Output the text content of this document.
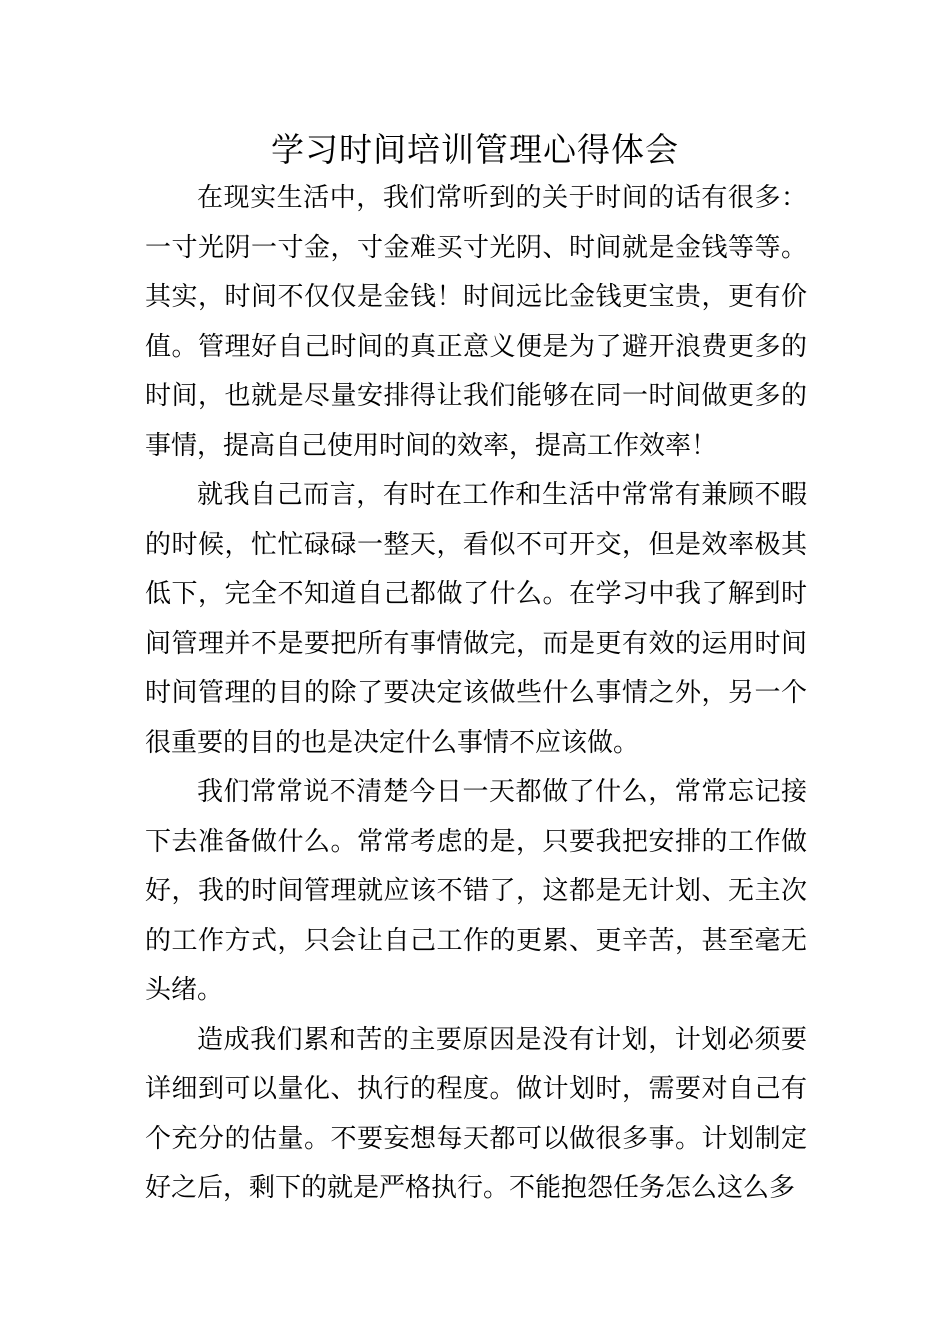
学习时间培训管理心得体会

在现实生活中，我们常听到的关于时间的话有很多：一寸光阴一寸金，寸金难买寸光阴、时间就是金钱等等。其实，时间不仅仅是金钱！时间远比金钱更宝贵，更有价值。管理好自己时间的真正意义便是为了避开浪费更多的时间，也就是尽量安排得让我们能够在同一时间做更多的事情，提高自己使用时间的效率，提高工作效率！

就我自己而言，有时在工作和生活中常常有兼顾不暇的时候，忙忙碌碌一整天，看似不可开交，但是效率极其低下，完全不知道自己都做了什么。在学习中我了解到时间管理并不是要把所有事情做完，而是更有效的运用时间时间管理的目的除了要决定该做些什么事情之外，另一个很重要的目的也是决定什么事情不应该做。

我们常常说不清楚今日一天都做了什么，常常忘记接下去准备做什么。常常考虑的是，只要我把安排的工作做好，我的时间管理就应该不错了，这都是无计划、无主次的工作方式，只会让自己工作的更累、更辛苦，甚至毫无头绪。

造成我们累和苦的主要原因是没有计划，计划必须要详细到可以量化、执行的程度。做计划时，需要对自己有个充分的估量。不要妄想每天都可以做很多事。计划制定好之后，剩下的就是严格执行。不能抱怨任务怎么这么多
